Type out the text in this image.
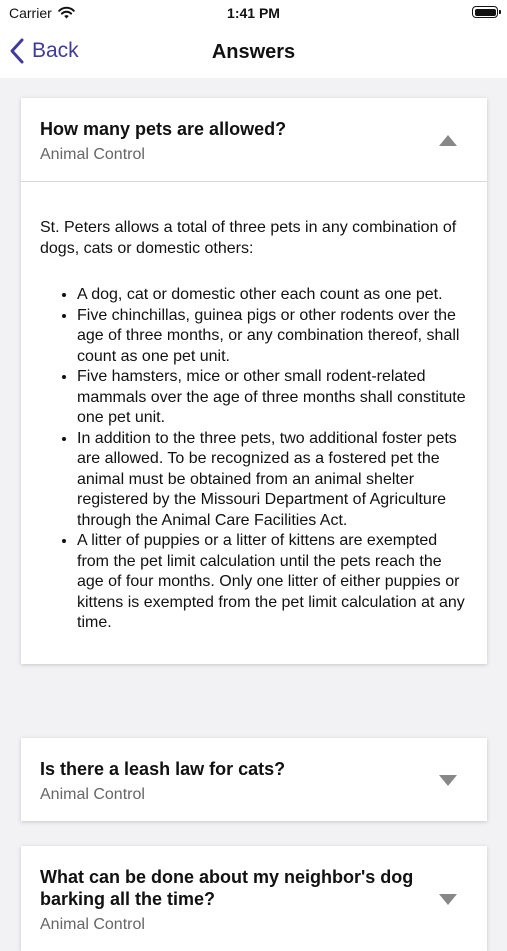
Carrier	1:41 PM
Back	Answers
How many pets are allowed?
Animal Control

St. Peters allows a total of three pets in any combination of dogs, cats or domestic others:

• A dog, cat or domestic other each count as one pet.
• Five chinchillas, guinea pigs or other rodents over the age of three months, or any combination thereof, shall count as one pet unit.
• Five hamsters, mice or other small rodent-related mammals over the age of three months shall constitute one pet unit.
• In addition to the three pets, two additional foster pets are allowed. To be recognized as a fostered pet the animal must be obtained from an animal shelter registered by the Missouri Department of Agriculture through the Animal Care Facilities Act.
• A litter of puppies or a litter of kittens are exempted from the pet limit calculation until the pets reach the age of four months. Only one litter of either puppies or kittens is exempted from the pet limit calculation at any time.
Is there a leash law for cats?
Animal Control
What can be done about my neighbor's dog barking all the time?
Animal Control
